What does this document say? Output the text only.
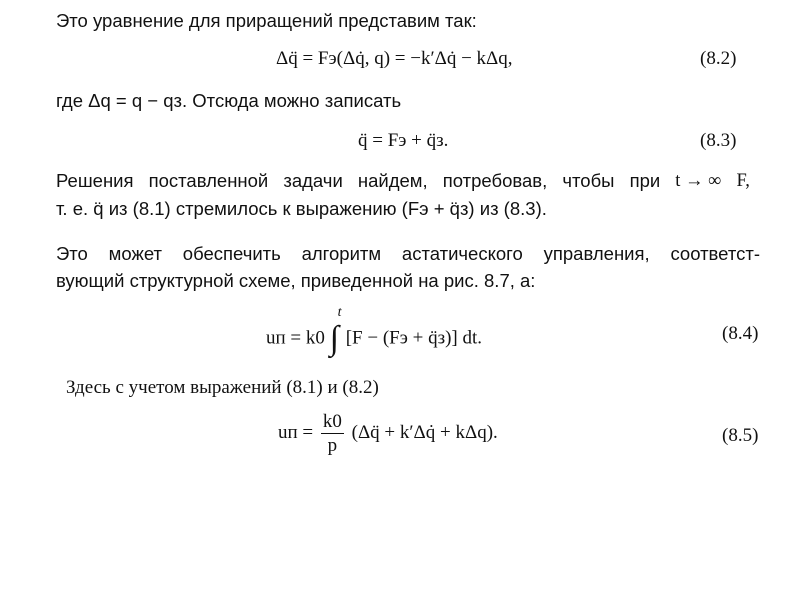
Это уравнение для приращений представим так:
Δq̈ = Fэ(Δq̇, q) = −k′Δq̇ − kΔq,	(8.2)
где Δq = q − qз. Отсюда можно записать
q̈ = Fэ + q̈з.	(8.3)
Решения поставленной задачи найдем, потребовав, чтобы при t → ∞ F,
т. е. q̈ из (8.1) стремилось к выражению (Fэ + q̈з) из (8.3).
Это может обеспечить алгоритм астатического управления, соответст-
вующий структурной схеме, приведенной на рис. 8.7, а:
uп = k0 ∫
t
[F − (Fэ + q̈з)] dt.	(8.4)
Здесь с учетом выражений (8.1) и (8.2)
uп = $\frac{k0}{p}$ (Δq̈ + k′Δq̇ + kΔq).	(8.5)
